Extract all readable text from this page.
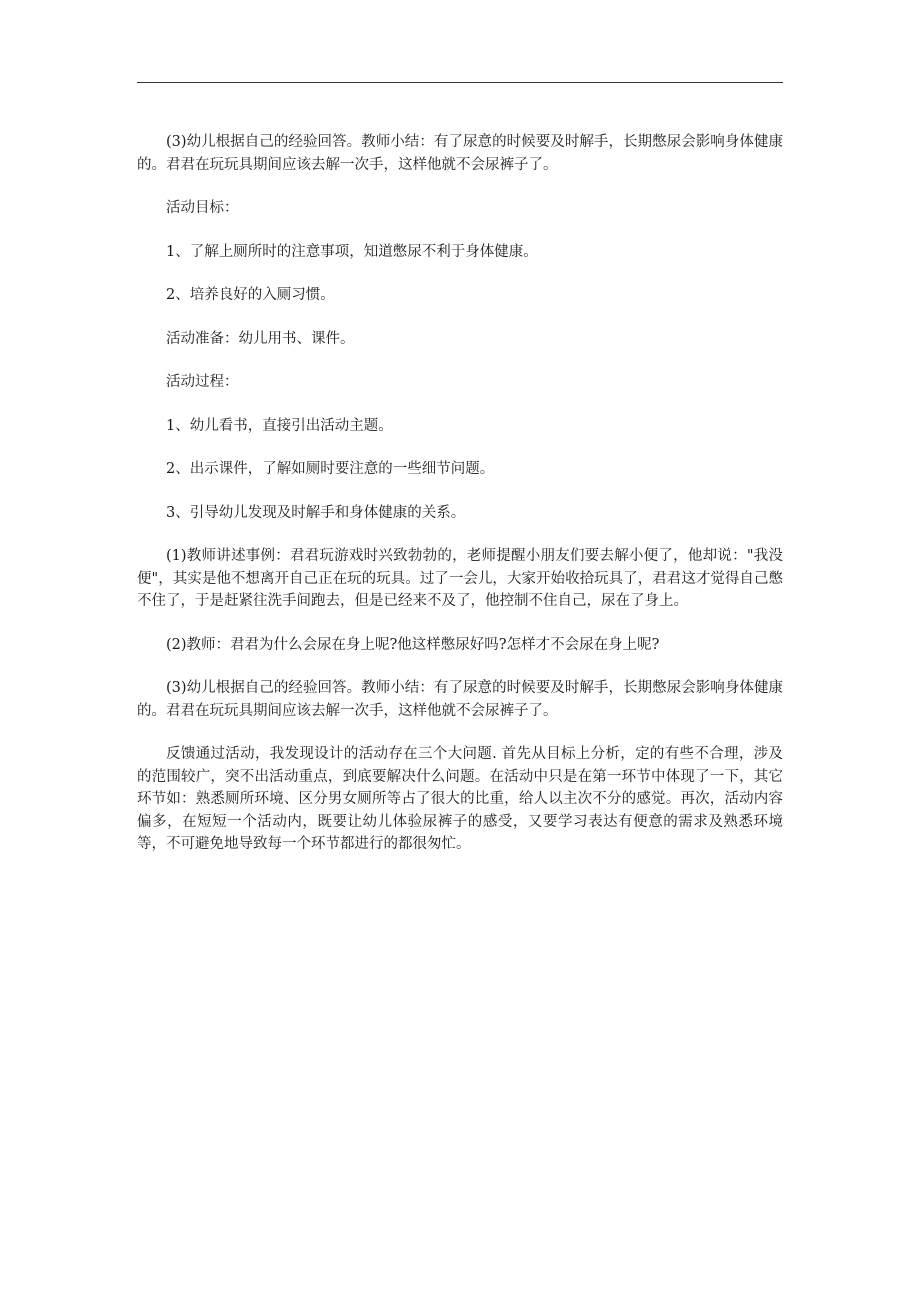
(3)幼儿根据自己的经验回答。教师小结：有了尿意的时候要及时解手，长期憋尿会影响身体健康的。君君在玩玩具期间应该去解一次手，这样他就不会尿裤子了。

活动目标：

1、了解上厕所时的注意事项，知道憋尿不利于身体健康。

2、培养良好的入厕习惯。

活动准备：幼儿用书、课件。

活动过程：

1、幼儿看书，直接引出活动主题。

2、出示课件，了解如厕时要注意的一些细节问题。

3、引导幼儿发现及时解手和身体健康的关系。

(1)教师讲述事例：君君玩游戏时兴致勃勃的，老师提醒小朋友们要去解小便了，他却说："我没便"，其实是他不想离开自己正在玩的玩具。过了一会儿，大家开始收拾玩具了，君君这才觉得自己憋不住了，于是赶紧往洗手间跑去，但是已经来不及了，他控制不住自己，尿在了身上。

(2)教师：君君为什么会尿在身上呢?他这样憋尿好吗?怎样才不会尿在身上呢?

(3)幼儿根据自己的经验回答。教师小结：有了尿意的时候要及时解手，长期憋尿会影响身体健康的。君君在玩玩具期间应该去解一次手，这样他就不会尿裤子了。

反馈通过活动，我发现设计的活动存在三个大问题. 首先从目标上分析，定的有些不合理，涉及的范围较广，突不出活动重点，到底要解决什么问题。在活动中只是在第一环节中体现了一下，其它环节如：熟悉厕所环境、区分男女厕所等占了很大的比重，给人以主次不分的感觉。再次，活动内容偏多，在短短一个活动内，既要让幼儿体验尿裤子的感受，又要学习表达有便意的需求及熟悉环境等，不可避免地导致每一个环节都进行的都很匆忙。
